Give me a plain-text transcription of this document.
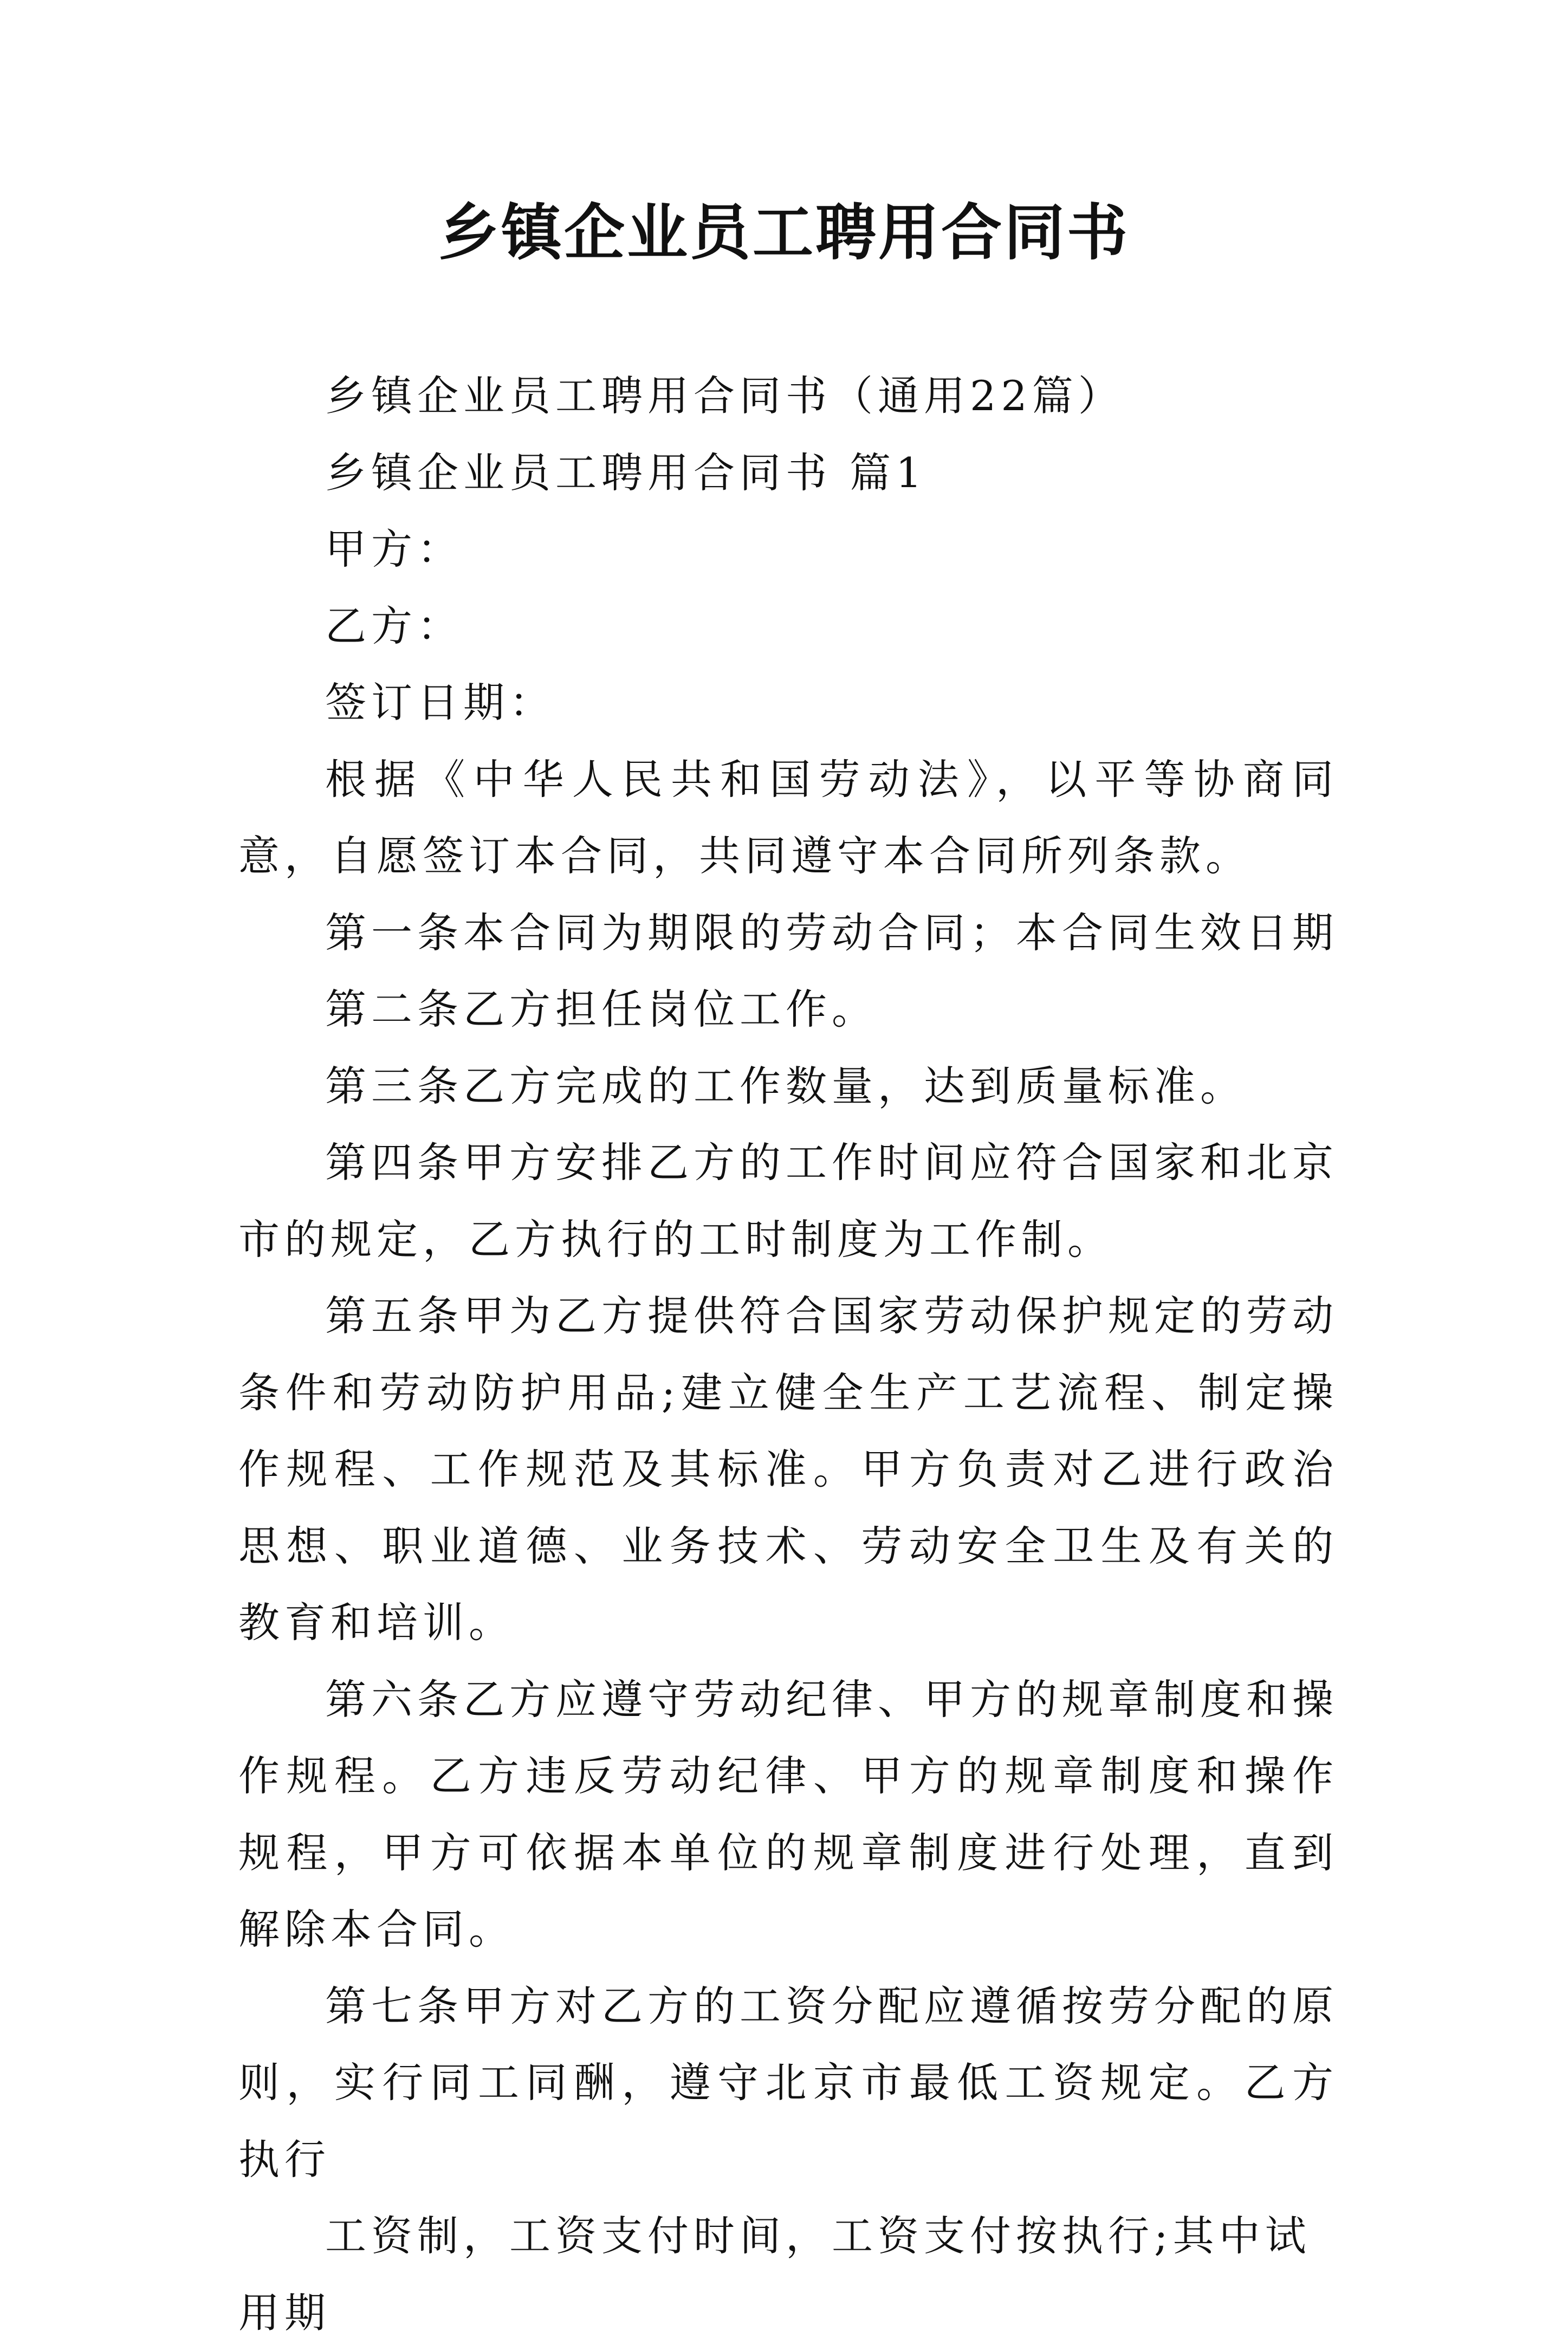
乡镇企业员工聘用合同书

乡镇企业员工聘用合同书（通用22篇）

乡镇企业员工聘用合同书 篇1

甲方：

乙方：

签订日期：

根据《中华人民共和国劳动法》，以平等协商同意，自愿签订本合同，共同遵守本合同所列条款。

第一条本合同为期限的劳动合同；本合同生效日期

第二条乙方担任岗位工作。

第三条乙方完成的工作数量，达到质量标准。

第四条甲方安排乙方的工作时间应符合国家和北京市的规定，乙方执行的工时制度为工作制。

第五条甲为乙方提供符合国家劳动保护规定的劳动条件和劳动防护用品;建立健全生产工艺流程、制定操作规程、工作规范及其标准。甲方负责对乙进行政治思想、职业道德、业务技术、劳动安全卫生及有关的教育和培训。

第六条乙方应遵守劳动纪律、甲方的规章制度和操作规程。乙方违反劳动纪律、甲方的规章制度和操作规程，甲方可依据本单位的规章制度进行处理，直到解除本合同。

第七条甲方对乙方的工资分配应遵循按劳分配的原则，实行同工同酬，遵守北京市最低工资规定。乙方执行

工资制，工资支付时间，工资支付按执行;其中试用期
